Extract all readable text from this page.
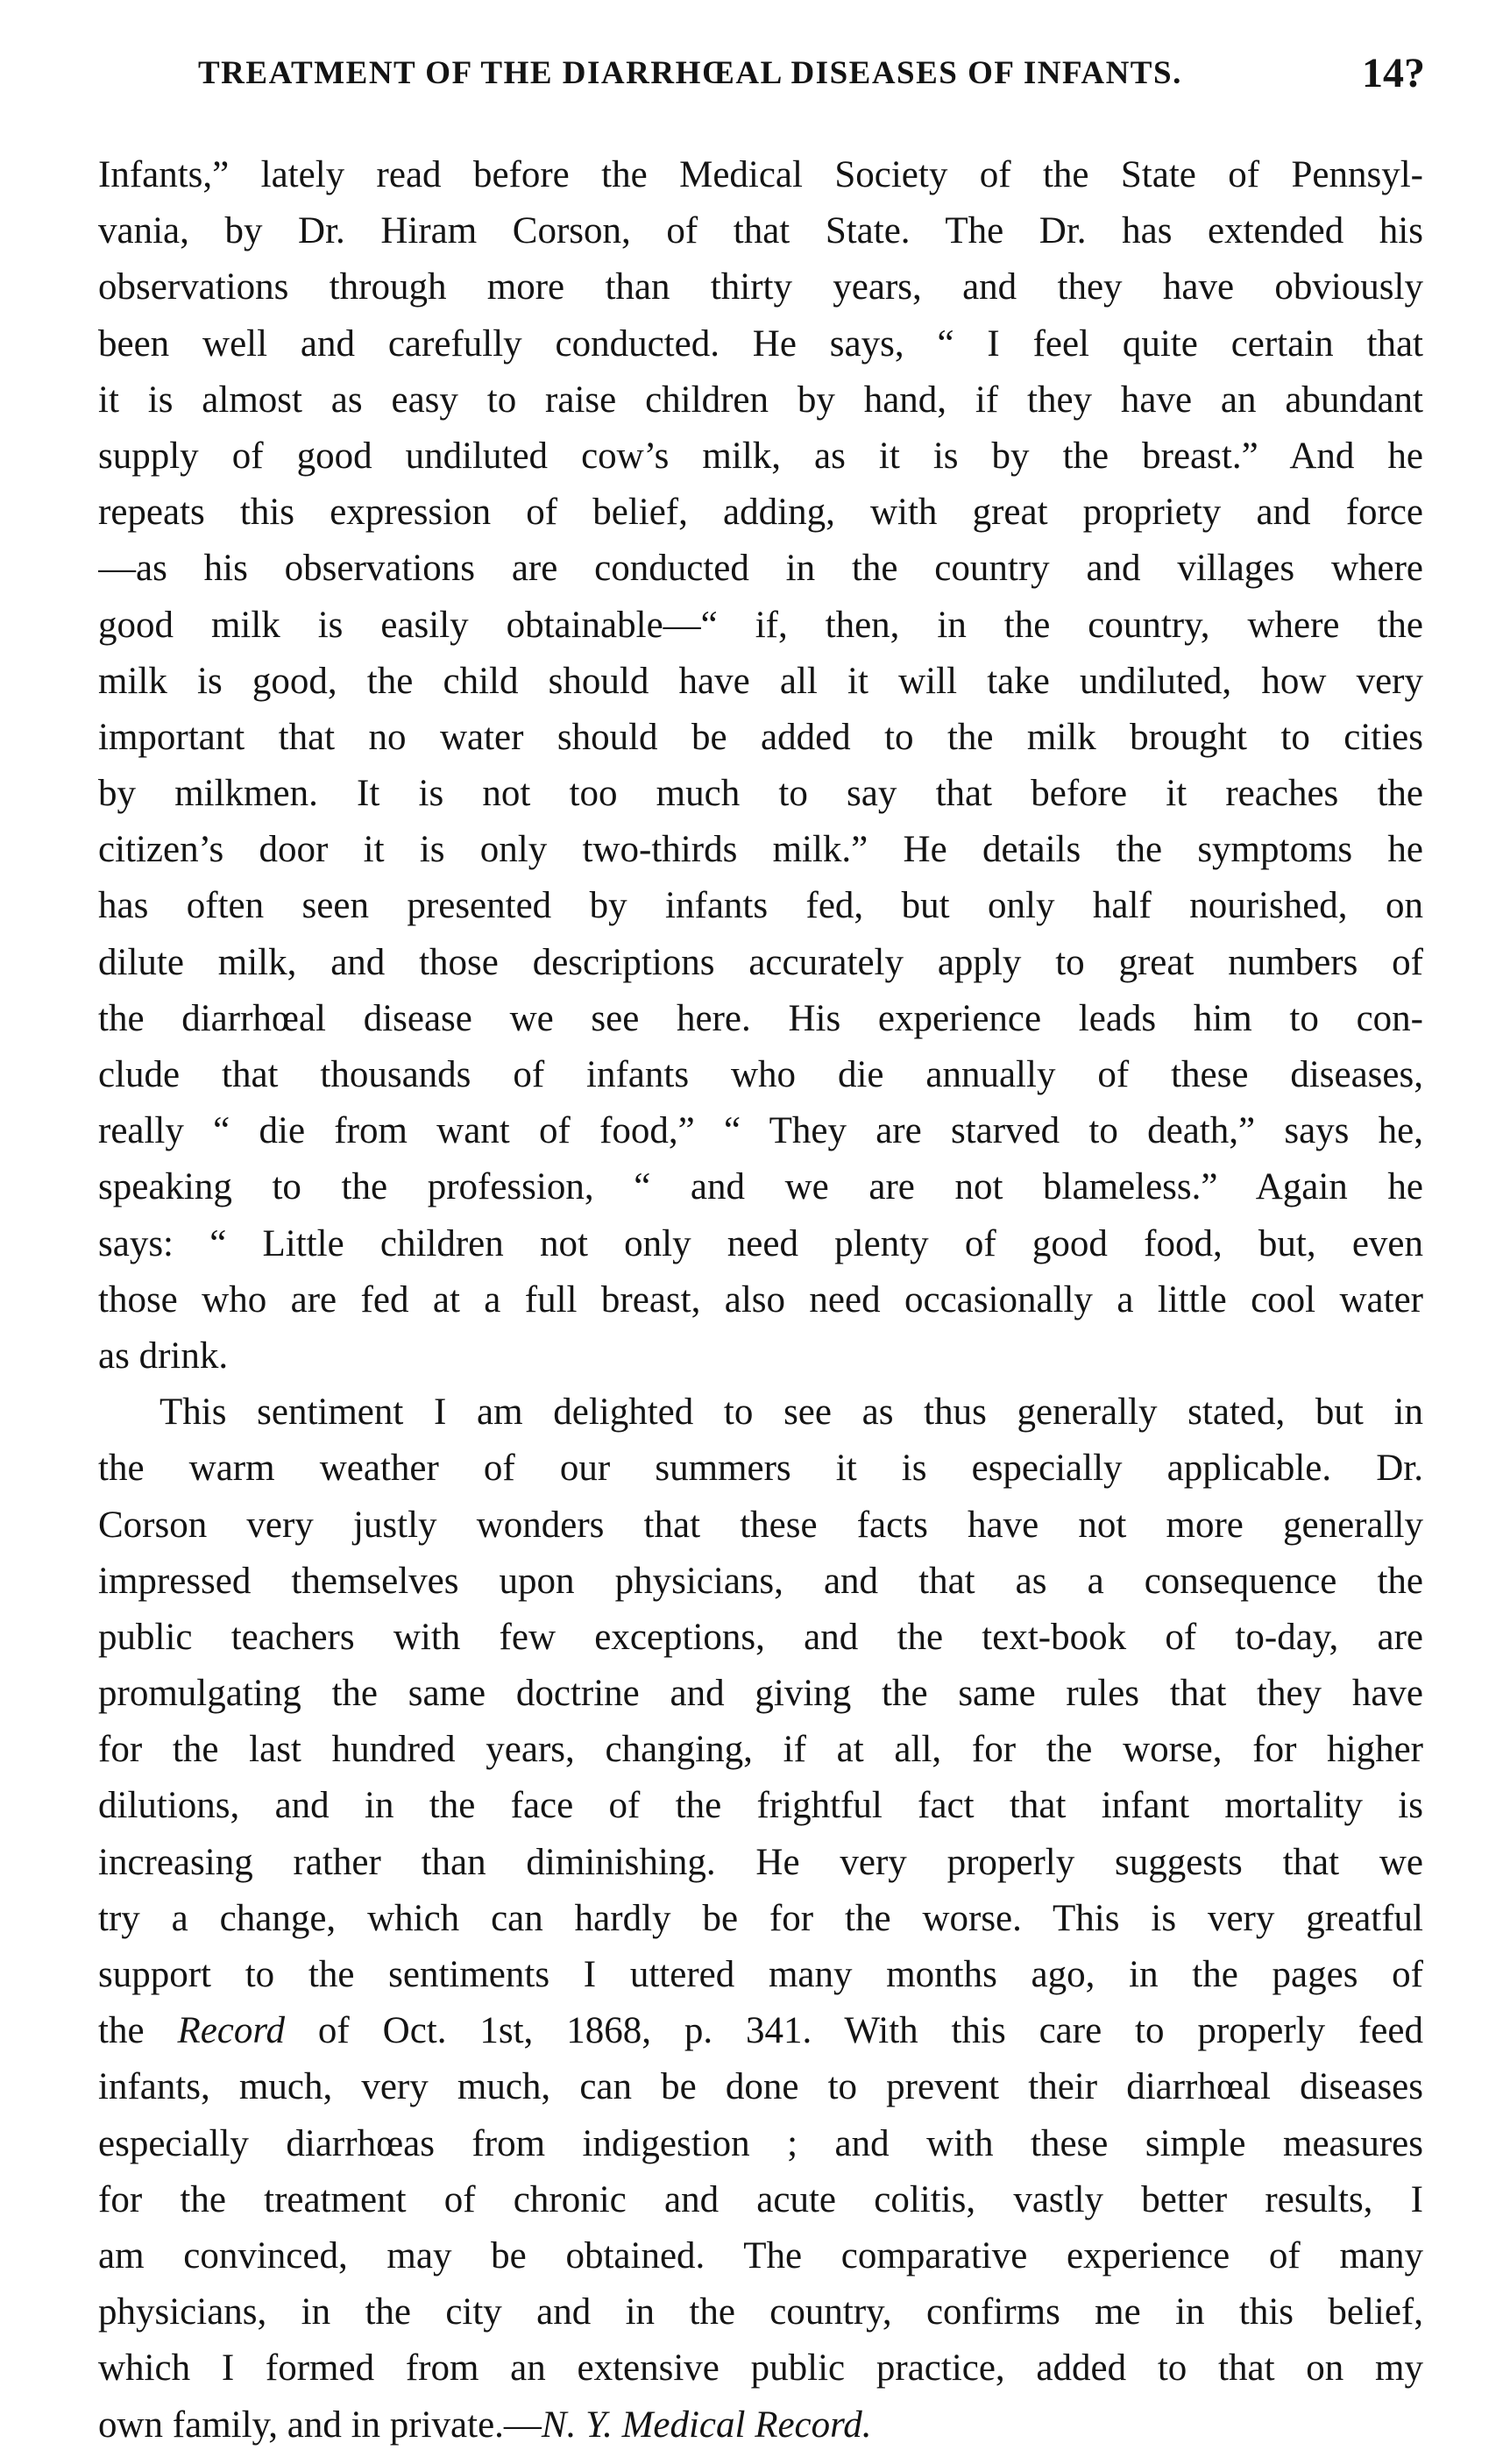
TREATMENT OF THE DIARRHŒAL DISEASES OF INFANTS.	14?
Infants,” lately read before the Medical Society of the State of Pennsyl-
vania, by Dr. Hiram Corson, of that State. The Dr. has extended his
observations through more than thirty years, and they have obviously
been well and carefully conducted. He says, “ I feel quite certain that
it is almost as easy to raise children by hand, if they have an abundant
supply of good undiluted cow’s milk, as it is by the breast.” And he
repeats this expression of belief, adding, with great propriety and force
—as his observations are conducted in the country and villages where
good milk is easily obtainable—“ if, then, in the country, where the
milk is good, the child should have all it will take undiluted, how very
important that no water should be added to the milk brought to cities
by milkmen. It is not too much to say that before it reaches the
citizen’s door it is only two-thirds milk.” He details the symptoms he
has often seen presented by infants fed, but only half nourished, on
dilute milk, and those descriptions accurately apply to great numbers of
the diarrhœal disease we see here. His experience leads him to con-
clude that thousands of infants who die annually of these diseases,
really “ die from want of food,” “ They are starved to death,” says he,
speaking to the profession, “ and we are not blameless.” Again he
says: “ Little children not only need plenty of good food, but, even
those who are fed at a full breast, also need occasionally a little cool water
as drink.
This sentiment I am delighted to see as thus generally stated, but in
the warm weather of our summers it is especially applicable. Dr.
Corson very justly wonders that these facts have not more generally
impressed themselves upon physicians, and that as a consequence the
public teachers with few exceptions, and the text-book of to-day, are
promulgating the same doctrine and giving the same rules that they have
for the last hundred years, changing, if at all, for the worse, for higher
dilutions, and in the face of the frightful fact that infant mortality is
increasing rather than diminishing. He very properly suggests that we
try a change, which can hardly be for the worse. This is very greatful
support to the sentiments I uttered many months ago, in the pages of
the Record of Oct. 1st, 1868, p. 341. With this care to properly feed
infants, much, very much, can be done to prevent their diarrhœal diseases
especially diarrhœas from indigestion ; and with these simple measures
for the treatment of chronic and acute colitis, vastly better results, I
am convinced, may be obtained. The comparative experience of many
physicians, in the city and in the country, confirms me in this belief,
which I formed from an extensive public practice, added to that on my
own family, and in private.—N. Y. Medical Record.
